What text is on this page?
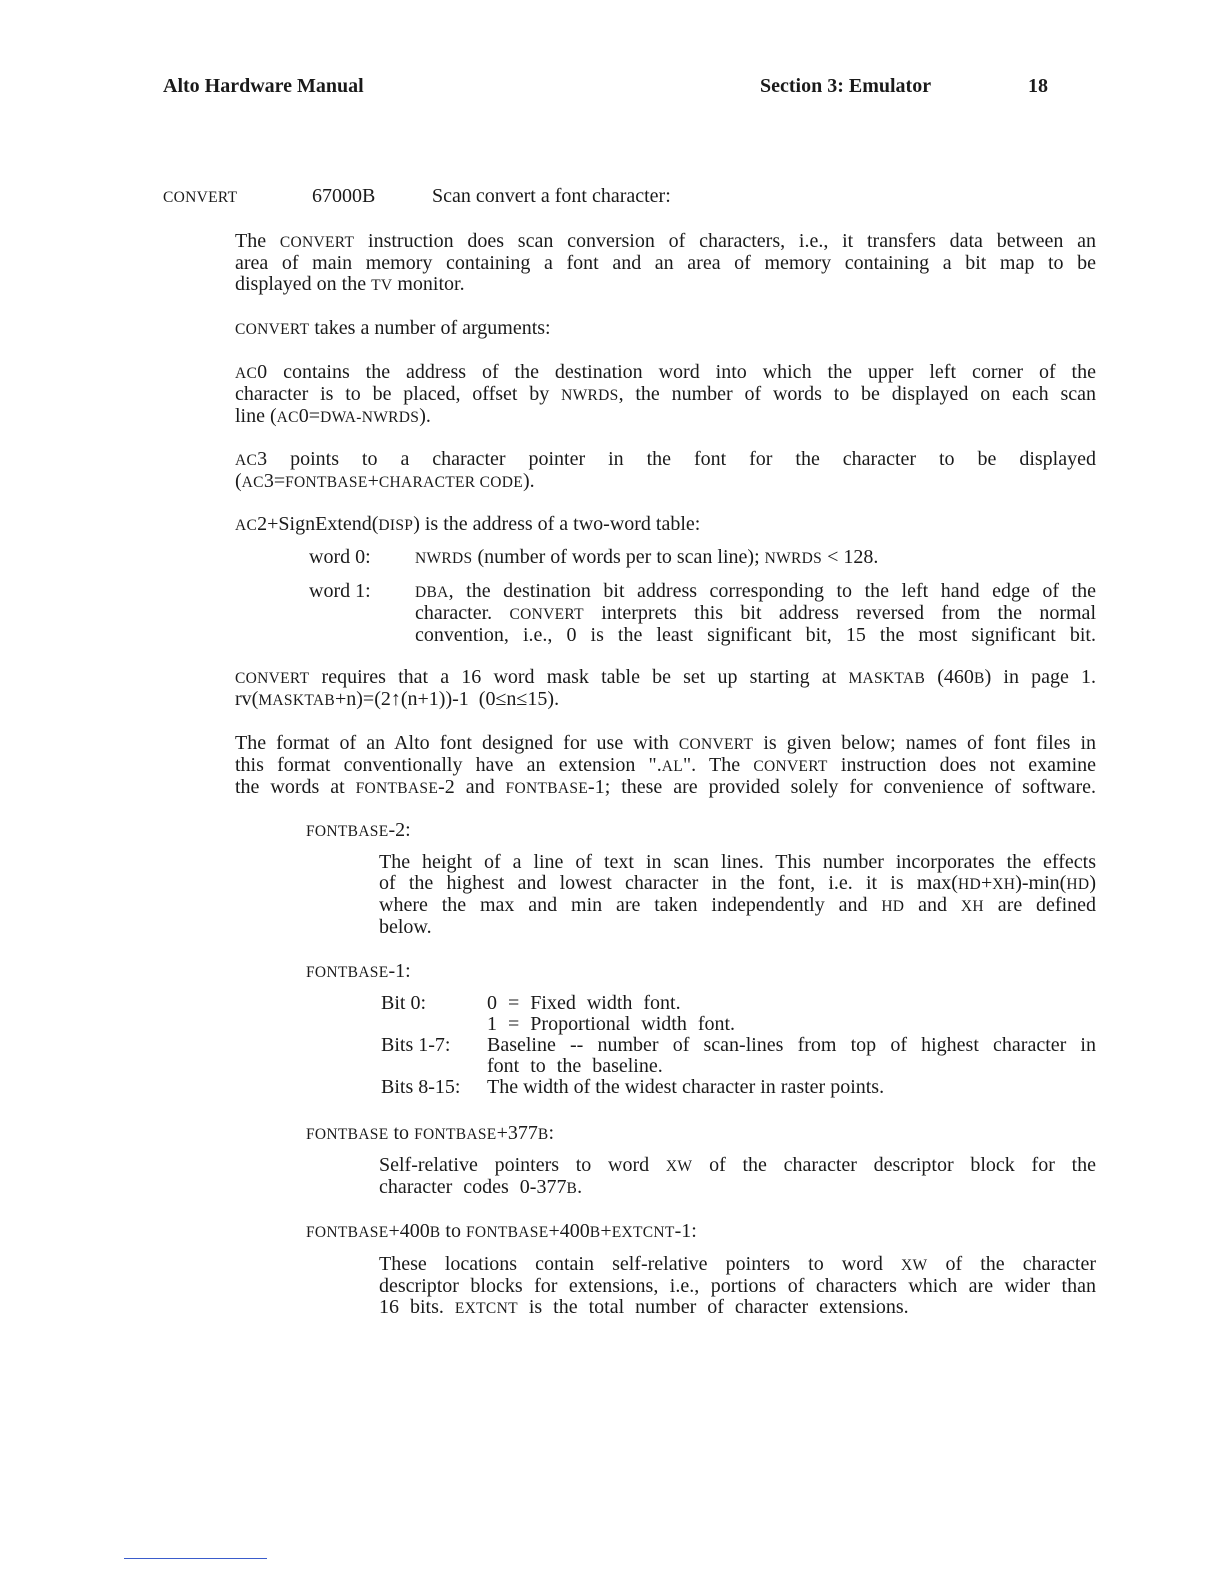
Alto Hardware Manual	Section 3: Emulator	18
CONVERT	67000B	Scan convert a font character:
The CONVERT instruction does scan conversion of characters, i.e., it transfers data between an
area of main memory containing a font and an area of memory containing a bit map to be
displayed on the TV monitor.
CONVERT takes a number of arguments:
AC0 contains the address of the destination word into which the upper left corner of the
character is to be placed, offset by NWRDS, the number of words to be displayed on each scan
line (AC0=DWA-NWRDS).
AC3 points to a character pointer in the font for the character to be displayed
(AC3=FONTBASE+CHARACTER CODE).
AC2+SignExtend(DISP) is the address of a two-word table:
word 0:	NWRDS (number of words per to scan line); NWRDS < 128.
word 1:	DBA, the destination bit address corresponding to the left hand edge of the
character. CONVERT interprets this bit address reversed from the normal
convention, i.e., 0 is the least significant bit, 15 the most significant bit.
CONVERT requires that a 16 word mask table be set up starting at MASKTAB (460B) in page 1.
rv(MASKTAB+n)=(2↑(n+1))-1 (0≤n≤15).
The format of an Alto font designed for use with CONVERT is given below; names of font files in
this format conventionally have an extension ".AL". The CONVERT instruction does not examine
the words at FONTBASE-2 and FONTBASE-1; these are provided solely for convenience of software.
FONTBASE-2:
The height of a line of text in scan lines. This number incorporates the effects
of the highest and lowest character in the font, i.e. it is max(HD+XH)-min(HD)
where the max and min are taken independently and HD and XH are defined
below.
FONTBASE-1:
Bit 0:	0 = Fixed width font.
1 = Proportional width font.
Bits 1-7: Baseline -- number of scan-lines from top of highest character in
font to the baseline.
Bits 8-15: The width of the widest character in raster points.
FONTBASE to FONTBASE+377B:
Self-relative pointers to word XW of the character descriptor block for the
character codes 0-377B.
FONTBASE+400B to FONTBASE+400B+EXTCNT-1:
These locations contain self-relative pointers to word XW of the character
descriptor blocks for extensions, i.e., portions of characters which are wider than
16 bits. EXTCNT is the total number of character extensions.
